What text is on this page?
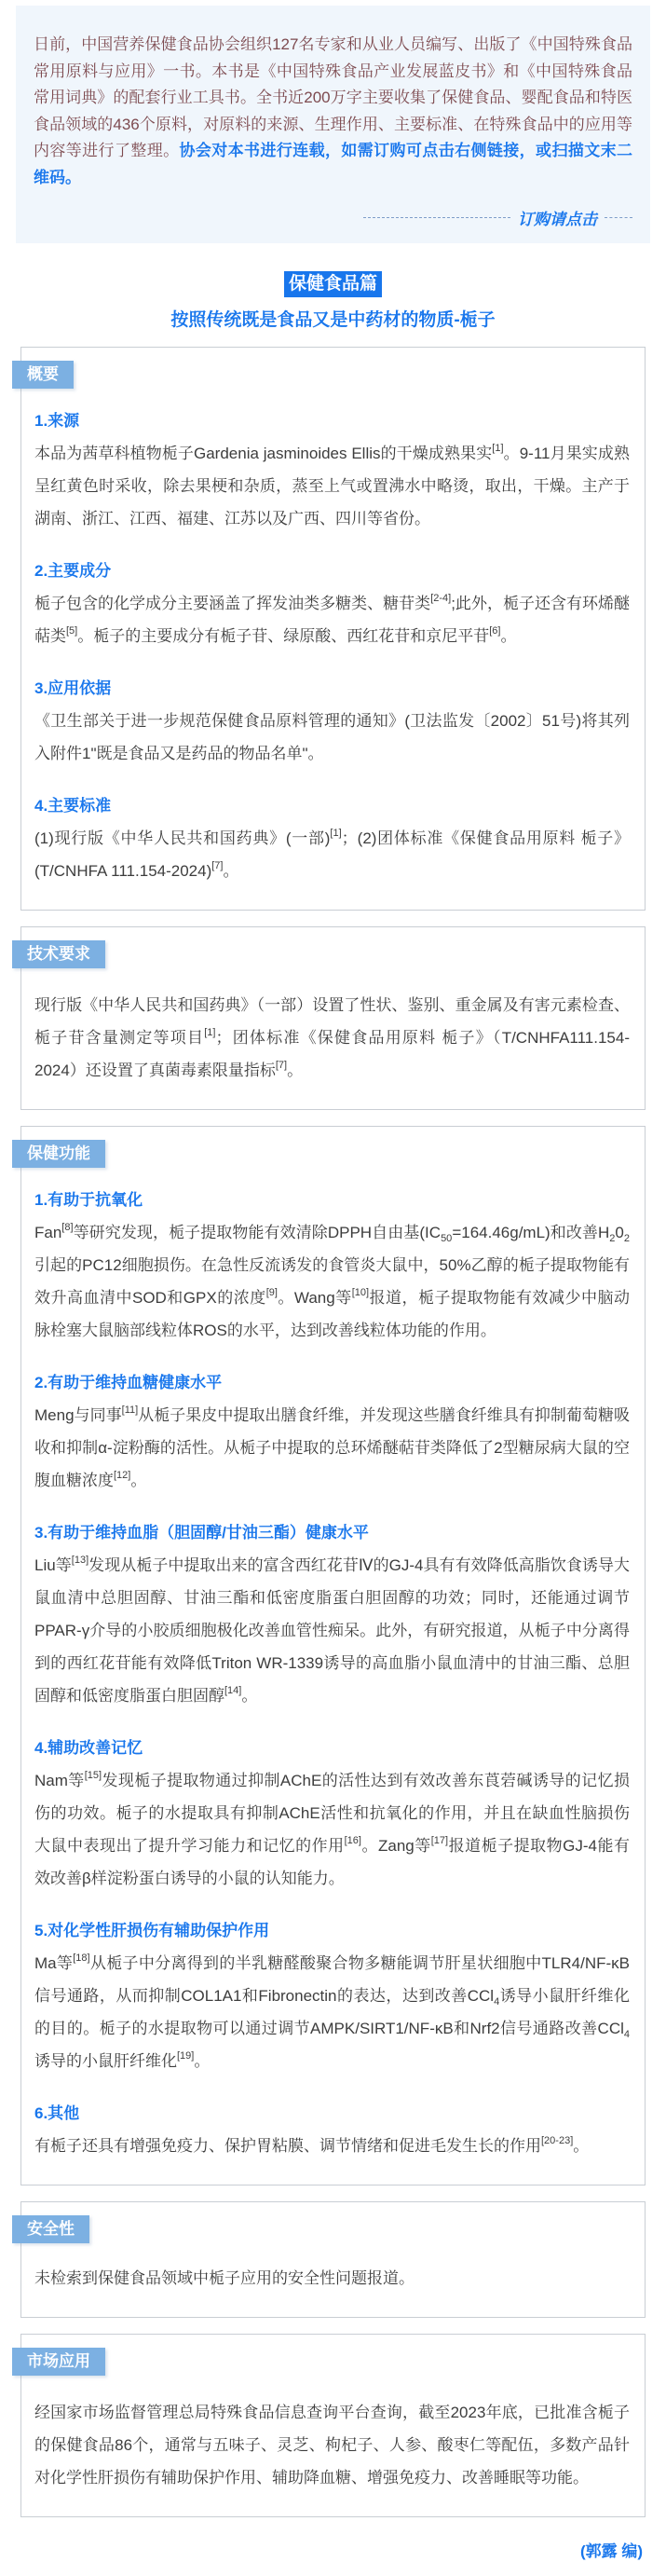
日前，中国营养保健食品协会组织127名专家和从业人员编写、出版了《中国特殊食品常用原料与应用》一书。本书是《中国特殊食品产业发展蓝皮书》和《中国特殊食品常用词典》的配套行业工具书。全书近200万字主要收集了保健食品、婴配食品和特医食品领域的436个原料，对原料的来源、生理作用、主要标准、在特殊食品中的应用等内容等进行了整理。协会对本书进行连载，如需订购可点击右侧链接，或扫描文末二维码。
订购请点击
保健食品篇
按照传统既是食品又是中药材的物质-栀子
概要
1.来源
本品为茜草科植物栀子Gardenia jasminoides Ellis的干燥成熟果实[1]。9-11月果实成熟呈红黄色时采收，除去果梗和杂质，蒸至上气或置沸水中略烫，取出，干燥。主产于湖南、浙江、江西、福建、江苏以及广西、四川等省份。
2.主要成分
栀子包含的化学成分主要涵盖了挥发油类多糖类、糖苷类[2-4];此外，栀子还含有环烯醚萜类[5]。栀子的主要成分有栀子苷、绿原酸、西红花苷和京尼平苷[6]。
3.应用依据
《卫生部关于进一步规范保健食品原料管理的通知》(卫法监发〔2002〕51号)将其列入附件1"既是食品又是药品的物品名单"。
4.主要标准
(1)现行版《中华人民共和国药典》(一部)[1]；(2)团体标准《保健食品用原料 栀子》(T/CNHFA 111.154-2024)[7]。
技术要求
现行版《中华人民共和国药典》（一部）设置了性状、鉴别、重金属及有害元素检查、栀子苷含量测定等项目[1]；团体标准《保健食品用原料 栀子》（T/CNHFA111.154-2024）还设置了真菌毒素限量指标[7]。
保健功能
1.有助于抗氧化
Fan[8]等研究发现，栀子提取物能有效清除DPPH自由基$(IC_{50}=164.46g/mL)$和改善$H_20_2$引起的PC12细胞损伤。在急性反流诱发的食管炎大鼠中，50%乙醇的栀子提取物能有效升高血清中SOD和GPX的浓度[9]。Wang等[10]报道，栀子提取物能有效减少中脑动脉栓塞大鼠脑部线粒体ROS的水平，达到改善线粒体功能的作用。
2.有助于维持血糖健康水平
Meng与同事[11]从栀子果皮中提取出膳食纤维，并发现这些膳食纤维具有抑制葡萄糖吸收和抑制α-淀粉酶的活性。从栀子中提取的总环烯醚萜苷类降低了2型糖尿病大鼠的空腹血糖浓度[12]。
3.有助于维持血脂（胆固醇/甘油三酯）健康水平
Liu等[13]发现从栀子中提取出来的富含西红花苷Ⅳ的GJ-4具有有效降低高脂饮食诱导大鼠血清中总胆固醇、甘油三酯和低密度脂蛋白胆固醇的功效；同时，还能通过调节PPAR-γ介导的小胶质细胞极化改善血管性痴呆。此外，有研究报道，从栀子中分离得到的西红花苷能有效降低Triton WR-1339诱导的高血脂小鼠血清中的甘油三酯、总胆固醇和低密度脂蛋白胆固醇[14]。
4.辅助改善记忆
Nam等[15]发现栀子提取物通过抑制AChE的活性达到有效改善东莨菪碱诱导的记忆损伤的功效。栀子的水提取具有抑制AChE活性和抗氧化的作用，并且在缺血性脑损伤大鼠中表现出了提升学习能力和记忆的作用[16]。Zang等[17]报道栀子提取物GJ-4能有效改善β样淀粉蛋白诱导的小鼠的认知能力。
5.对化学性肝损伤有辅助保护作用
Ma等[18]从栀子中分离得到的半乳糖醛酸聚合物多糖能调节肝星状细胞中TLR4/NF-κB信号通路，从而抑制COL1A1和Fibronectin的表达，达到改善CCl$_4$诱导小鼠肝纤维化的目的。栀子的水提取物可以通过调节AMPK/SIRT1/NF-κB和Nrf2信号通路改善CCl$_4$诱导的小鼠肝纤维化[19]。
6.其他
有栀子还具有增强免疫力、保护胃粘膜、调节情绪和促进毛发生长的作用[20-23]。
安全性
未检索到保健食品领域中栀子应用的安全性问题报道。
市场应用
经国家市场监督管理总局特殊食品信息查询平台查询，截至2023年底，已批准含栀子的保健食品86个，通常与五味子、灵芝、枸杞子、人参、酸枣仁等配伍，多数产品针对化学性肝损伤有辅助保护作用、辅助降血糖、增强免疫力、改善睡眠等功能。
(郭露 编)
